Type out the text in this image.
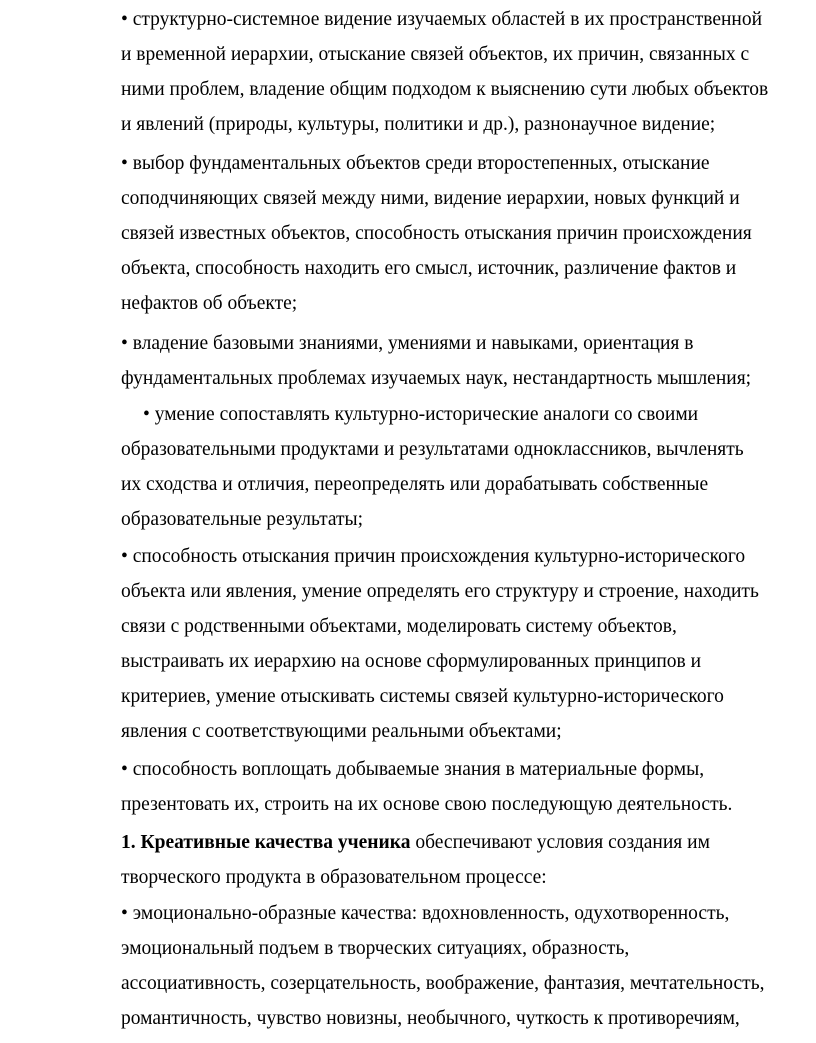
• структурно-системное видение изучаемых областей в их пространственной
и временной иерархии, отыскание связей объектов, их причин, связанных с
ними проблем, владение общим подходом к выяснению сути любых объектов
и явлений (природы, культуры, политики и др.), разнонаучное видение;
• выбор фундаментальных объектов среди второстепенных, отыскание
соподчиняющих связей между ними, видение иерархии, новых функций и
связей известных объектов, способность отыскания причин происхождения
объекта, способность находить его смысл, источник, различение фактов и
нефактов об объекте;
• владение базовыми знаниями, умениями и навыками, ориентация в
фундаментальных проблемах изучаемых наук, нестандартность мышления;
• умение сопоставлять культурно-исторические аналоги со своими
образовательными продуктами и результатами одноклассников, вычленять
их сходства и отличия, переопределять или дорабатывать собственные
образовательные результаты;
• способность отыскания причин происхождения культурно-исторического
объекта или явления, умение определять его структуру и строение, находить
связи с родственными объектами, моделировать систему объектов,
выстраивать их иерархию на основе сформулированных принципов и
критериев, умение отыскивать системы связей культурно-исторического
явления с соответствующими реальными объектами;
• способность воплощать добываемые знания в материальные формы,
презентовать их, строить на их основе свою последующую деятельность.
1. Креативные качества ученика обеспечивают условия создания им
творческого продукта в образовательном процессе:
• эмоционально-образные качества: вдохновленность, одухотворенность,
эмоциональный подъем в творческих ситуациях, образность,
ассоциативность, созерцательность, воображение, фантазия, мечтательность,
романтичность, чувство новизны, необычного, чуткость к противоречиям,
